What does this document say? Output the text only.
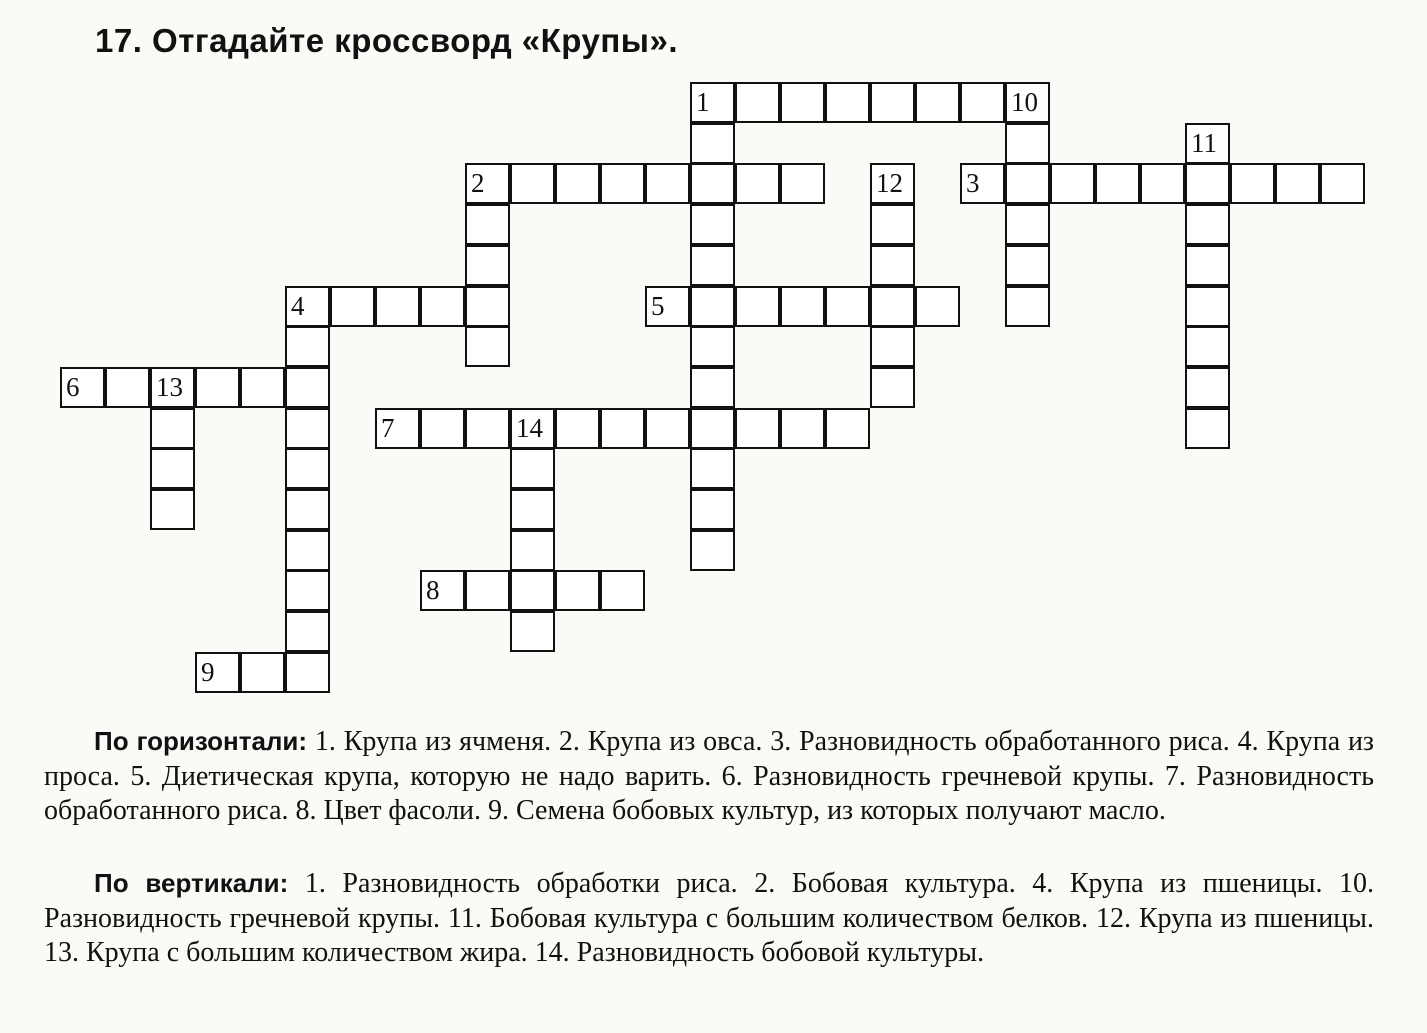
17. Отгадайте кроссворд «Крупы».
1	10
2	3
4	5
6	13
7	14
8
9
11
12

По горизонтали: 1. Крупа из ячменя. 2. Крупа из овса. 3. Разновидность обработанного риса. 4. Крупа из проса. 5. Диетическая крупа, которую не надо варить. 6. Разновидность гречневой крупы. 7. Разновидность обработанного риса. 8. Цвет фасоли. 9. Семена бобовых культур, из которых получают масло.

По вертикали: 1. Разновидность обработки риса. 2. Бобовая культура. 4. Крупа из пшеницы. 10. Разновидность гречневой крупы. 11. Бобовая культура с большим количеством белков. 12. Крупа из пшеницы. 13. Крупа с большим количеством жира. 14. Разновидность бобовой культуры.
